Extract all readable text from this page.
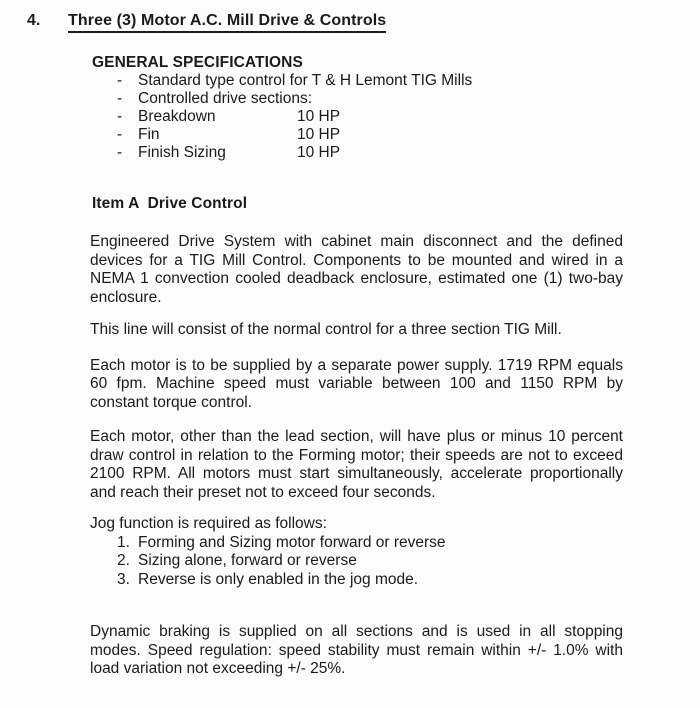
4.	Three (3) Motor A.C. Mill Drive & Controls
GENERAL SPECIFICATIONS
-	Standard type control for T & H Lemont TIG Mills
-	Controlled drive sections:
-	Breakdown	10 HP
-	Fin	10 HP
-	Finish Sizing	10 HP
Item A  Drive Control

Engineered Drive System with cabinet main disconnect and the defined devices for a TIG Mill Control. Components to be mounted and wired in a NEMA 1 convection cooled deadback enclosure, estimated one (1) two-bay enclosure.

This line will consist of the normal control for a three section TIG Mill.

Each motor is to be supplied by a separate power supply. 1719 RPM equals 60 fpm. Machine speed must variable between 100 and 1150 RPM by constant torque control.

Each motor, other than the lead section, will have plus or minus 10 percent draw control in relation to the Forming motor; their speeds are not to exceed 2100 RPM. All motors must start simultaneously, accelerate proportionally and reach their preset not to exceed four seconds.

Jog function is required as follows:

1. Forming and Sizing motor forward or reverse
2. Sizing alone, forward or reverse
3. Reverse is only enabled in the jog mode.

Dynamic braking is supplied on all sections and is used in all stopping modes. Speed regulation: speed stability must remain within +/- 1.0% with load variation not exceeding +/- 25%.
